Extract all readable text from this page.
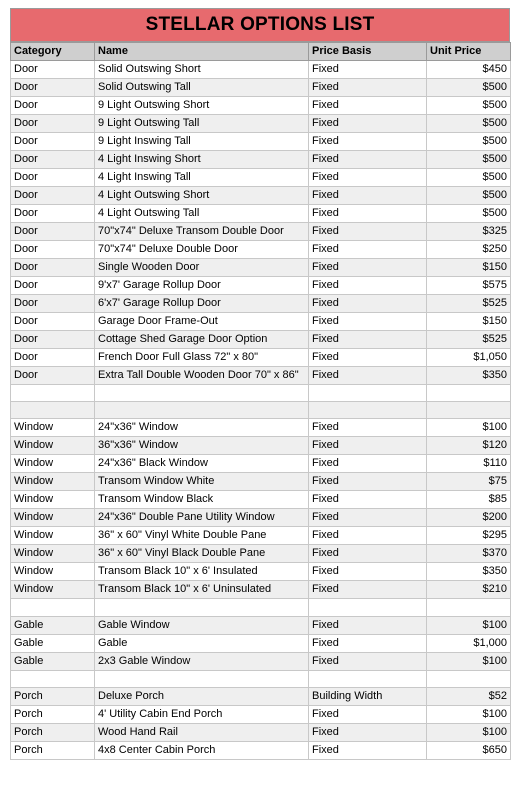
STELLAR OPTIONS LIST
Category	Name	Price Basis	Unit Price
Door	Solid Outswing Short	Fixed	$450
Door	Solid Outswing Tall	Fixed	$500
Door	9 Light Outswing Short	Fixed	$500
Door	9 Light Outswing Tall	Fixed	$500
Door	9 Light Inswing Tall	Fixed	$500
Door	4 Light Inswing Short	Fixed	$500
Door	4 Light Inswing Tall	Fixed	$500
Door	4 Light Outswing Short	Fixed	$500
Door	4 Light Outswing Tall	Fixed	$500
Door	70"x74" Deluxe Transom Double Door	Fixed	$325
Door	70"x74" Deluxe Double Door	Fixed	$250
Door	Single Wooden Door	Fixed	$150
Door	9'x7' Garage Rollup Door	Fixed	$575
Door	6'x7' Garage Rollup Door	Fixed	$525
Door	Garage Door Frame-Out	Fixed	$150
Door	Cottage Shed Garage Door Option	Fixed	$525
Door	French Door Full Glass 72" x 80"	Fixed	$1,050
Door	Extra Tall Double Wooden Door 70" x 86"	Fixed	$350

Window	24"x36" Window	Fixed	$100
Window	36"x36" Window	Fixed	$120
Window	24"x36" Black Window	Fixed	$110
Window	Transom Window White	Fixed	$75
Window	Transom Window Black	Fixed	$85
Window	24"x36" Double Pane Utility Window	Fixed	$200
Window	36" x 60" Vinyl White Double Pane	Fixed	$295
Window	36" x 60" Vinyl Black Double Pane	Fixed	$370
Window	Transom Black 10" x 6' Insulated	Fixed	$350
Window	Transom Black 10" x 6' Uninsulated	Fixed	$210

Gable	Gable Window	Fixed	$100
Gable	Gable	Fixed	$1,000
Gable	2x3 Gable Window	Fixed	$100

Porch	Deluxe Porch	Building Width	$52
Porch	4' Utility Cabin End Porch	Fixed	$100
Porch	Wood Hand Rail	Fixed	$100
Porch	4x8 Center Cabin Porch	Fixed	$650
